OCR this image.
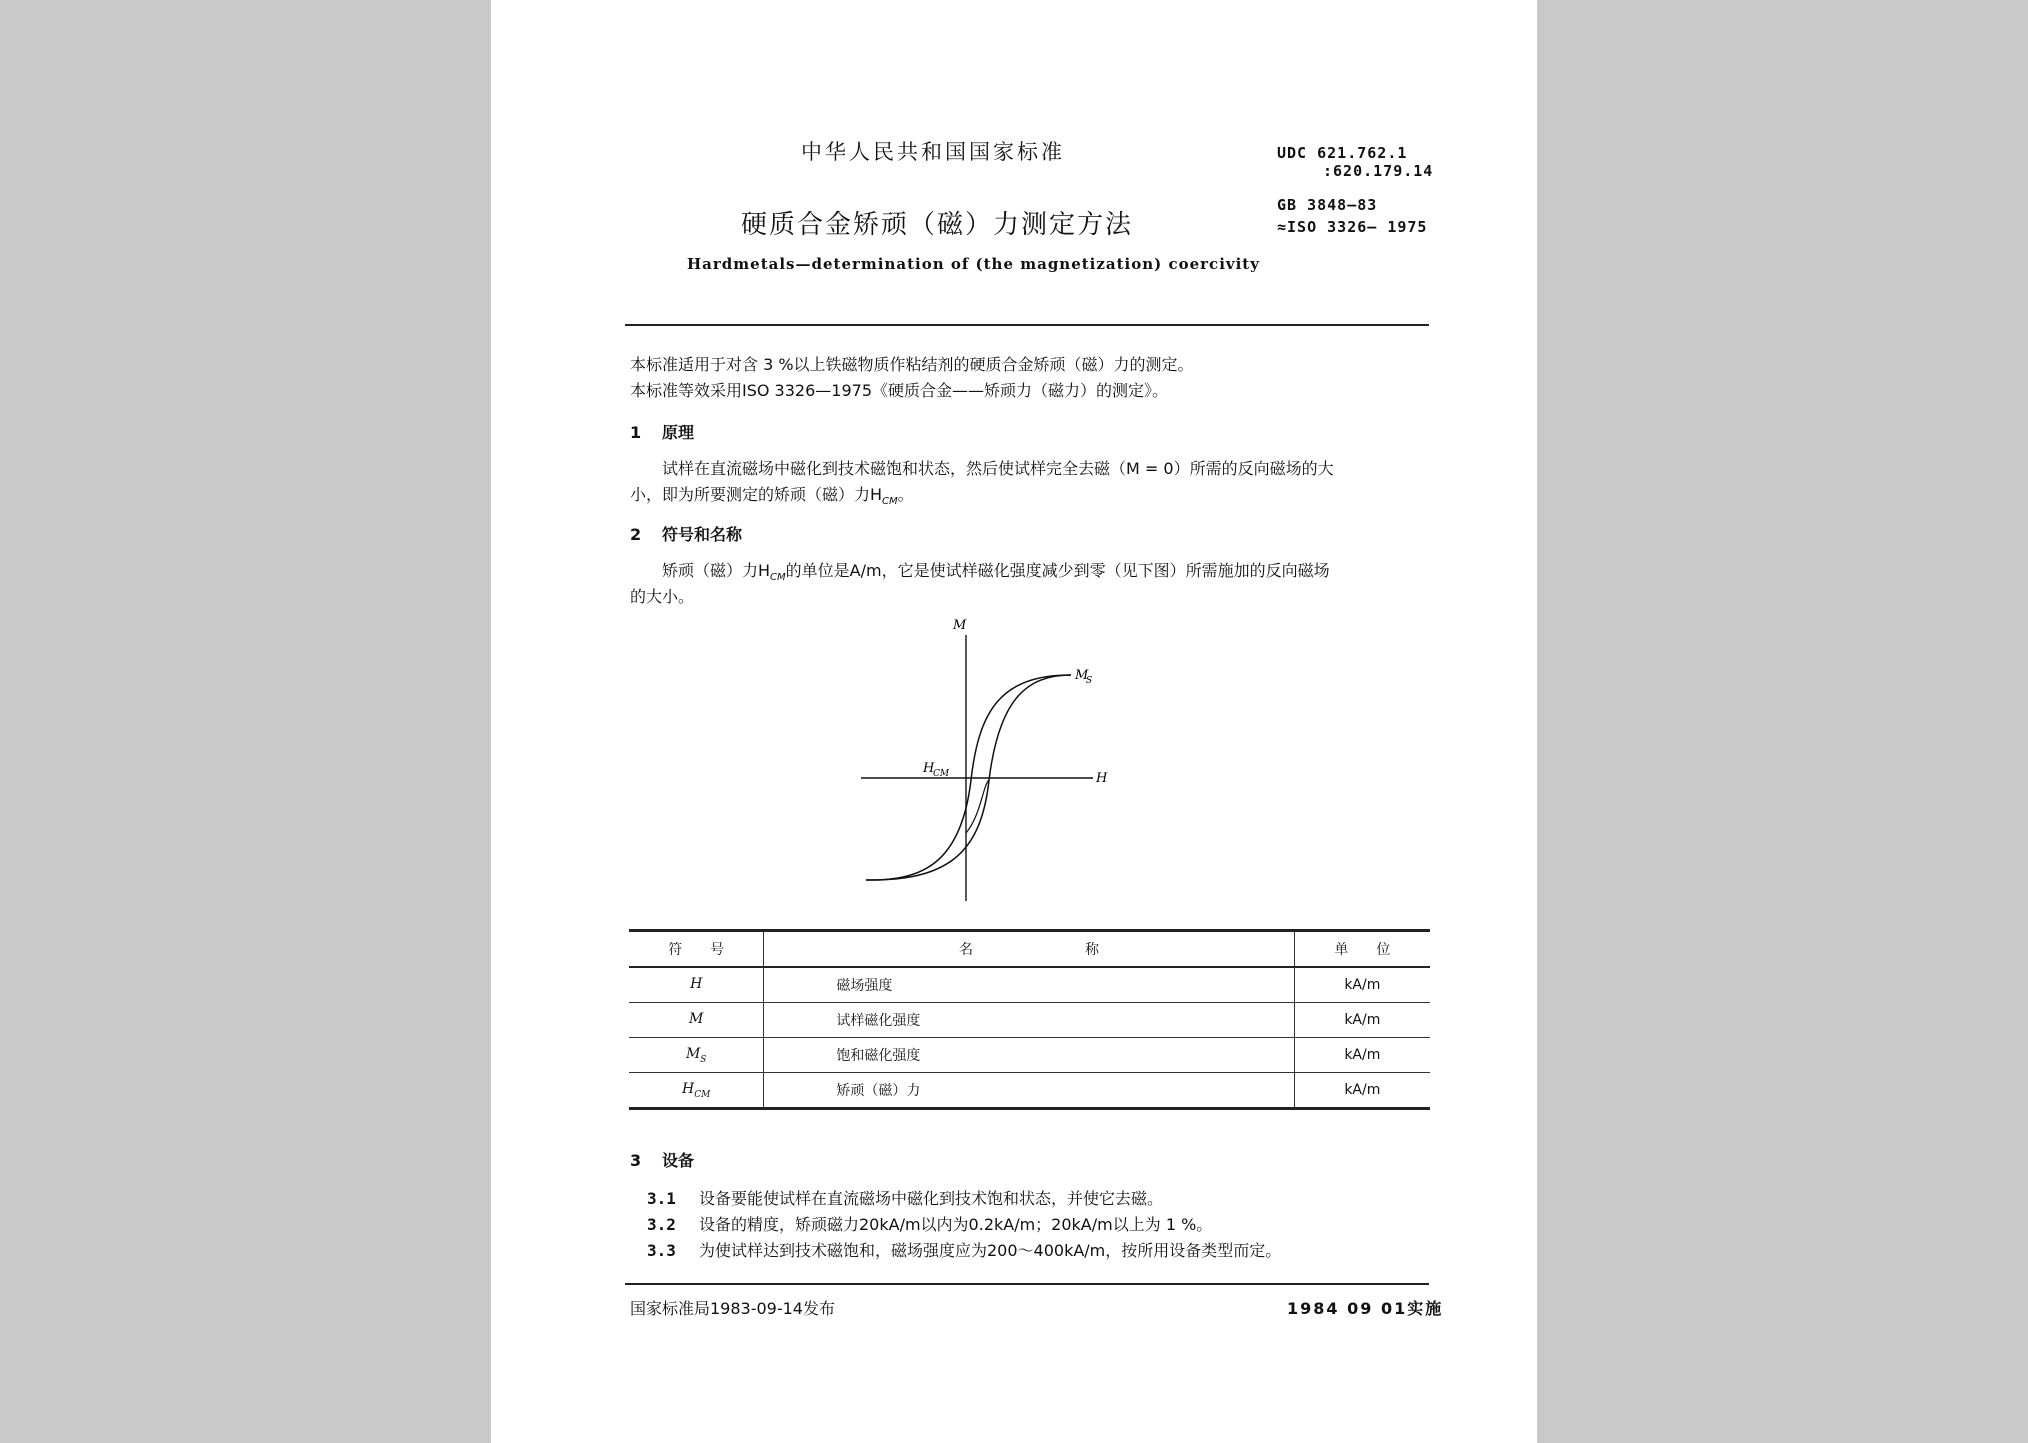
中华人民共和国国家标准	UDC 621.762.1
:620.179.14
GB 3848—83
≈ISO 3326— 1975
硬质合金矫顽（磁）力测定方法
Hardmetals—determination of (the magnetization) coercivity
本标准适用于对含 3 %以上铁磁物质作粘结剂的硬质合金矫顽（磁）力的测定。
本标准等效采用ISO 3326—1975《硬质合金——矫顽力（磁力）的测定》。
1 原理
试样在直流磁场中磁化到技术磁饱和状态，然后使试样完全去磁（M = 0）所需的反向磁场的大
小，即为所要测定的矫顽（磁）力$H_{CM}$。
2 符号和名称
矫顽（磁）力$H_{CM}$的单位是A/m，它是使试样磁化强度减少到零（见下图）所需施加的反向磁场
的大小。
M
H
M
S
H
CM
符　　号	名　　　　　　　　称	单　　位
H	磁场强度	kA/m
M	试样磁化强度	kA/m
$M_S$	饱和磁化强度	kA/m
$H_{CM}$	矫顽（磁）力	kA/m
3 设备
3.1 设备要能使试样在直流磁场中磁化到技术饱和状态，并使它去磁。
3.2 设备的精度，矫顽磁力20kA/m以内为0.2kA/m；20kA/m以上为 1 %。
3.3 为使试样达到技术磁饱和，磁场强度应为200～400kA/m，按所用设备类型而定。
国家标准局1983-09-14发布	1984 09 01实施
